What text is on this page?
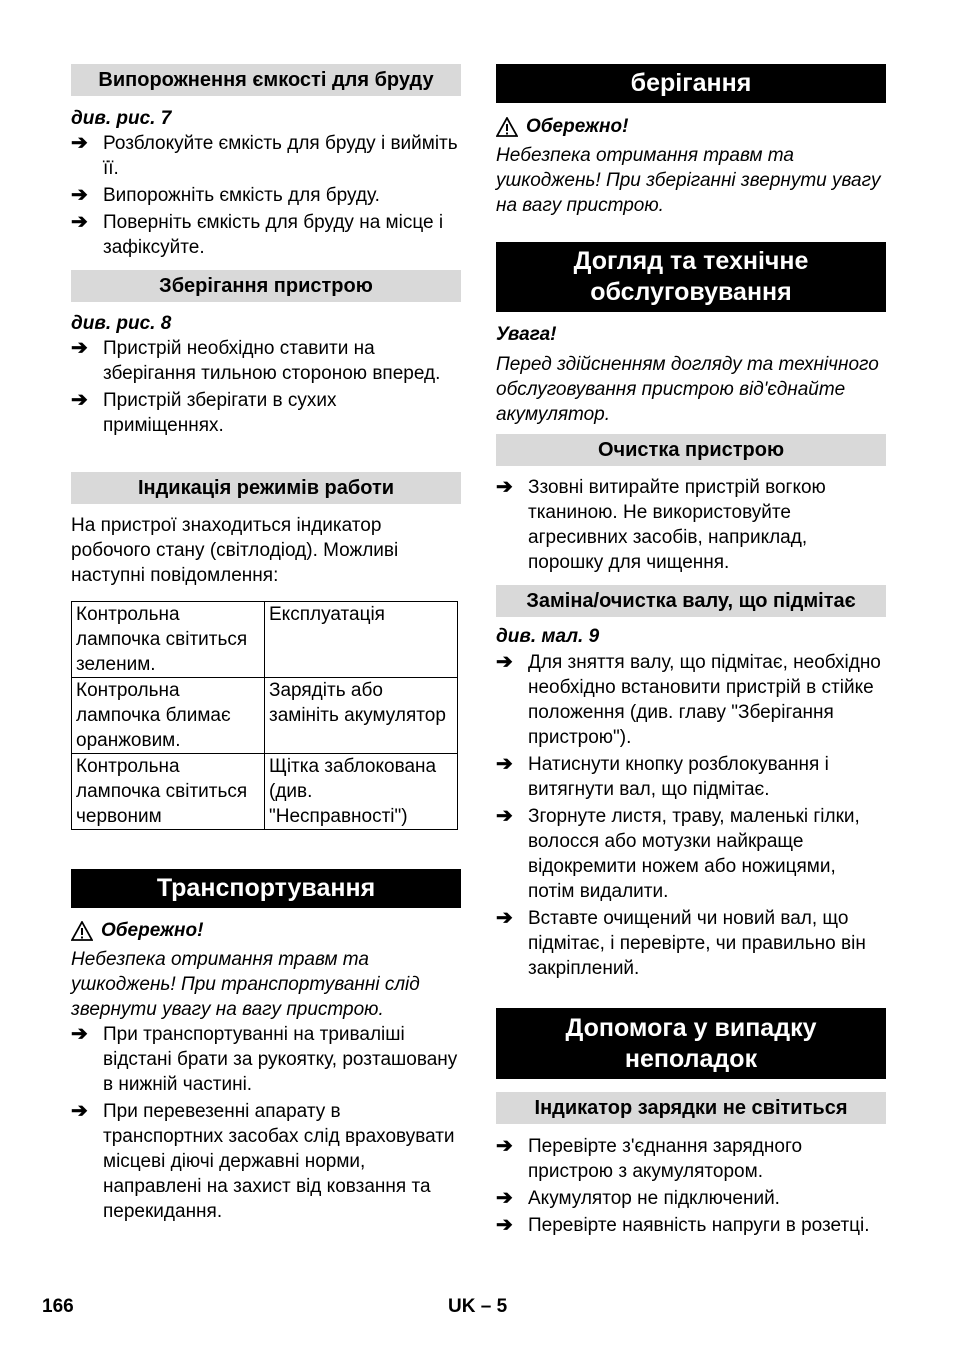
Випорожнення ємкості для бруду
див. рис. 7
➔ Розблокуйте ємкість для бруду і вийміть її.
➔ Випорожніть ємкість для бруду.
➔ Поверніть ємкість для бруду на місце і зафіксуйте.
Зберігання пристрою
див. рис. 8
➔ Пристрій необхідно ставити на зберігання тильною стороною вперед.
➔ Пристрій зберігати в сухих приміщеннях.
Індикація режимів работи
На пристрої знаходиться індикатор робочого стану (світлодіод). Можливі наступні повідомлення:
Контрольна лампочка світиться зеленим.	Експлуатація
Контрольна лампочка блимає оранжовим.	Зарядіть або замініть акумулятор
Контрольна лампочка світиться червоним	Щітка заблокована (див. "Несправності")
Транспортування
Обережно!
Небезпека отримання травм та ушкоджень! При транспортуванні слід звернути увагу на вагу пристрою.
➔ При транспортуванні на триваліші відстані брати за рукоятку, розташовану в нижній частині.
➔ При перевезенні апарату в транспортних засобах слід враховувати місцеві діючі державні норми, направлені на захист від ковзання та перекидання.
берігання
Обережно!
Небезпека отримання травм та ушкоджень! При зберіганні звернути увагу на вагу пристрою.
Догляд та технічне
обслуговування
Увага!
Перед здійсненням догляду та технічного обслуговування пристрою від'єднайте акумулятор.
Очистка пристрою
➔ Ззовні витирайте пристрій вогкою тканиною. Не використовуйте агресивних засобів, наприклад, порошку для чищення.
Заміна/очистка валу, що підмітає
див. мал. 9
➔ Для зняття валу, що підмітає, необхідно необхідно встановити пристрій в стійке положення (див. главу "Зберігання пристрою").
➔ Натиснути кнопку розблокування і витягнути вал, що підмітає.
➔ Згорнуте листя, траву, маленькі гілки, волосся або мотузки найкраще відокремити ножем або ножицями, потім видалити.
➔ Вставте очищений чи новий вал, що підмітає, і перевірте, чи правильно він закріплений.
Допомога у випадку
неполадок
Індикатор зарядки не світиться
➔ Перевірте з'єднання зарядного пристрою з акумулятором.
➔ Акумулятор не підключений.
➔ Перевірте наявність напруги в розетці.
166	UK – 5
